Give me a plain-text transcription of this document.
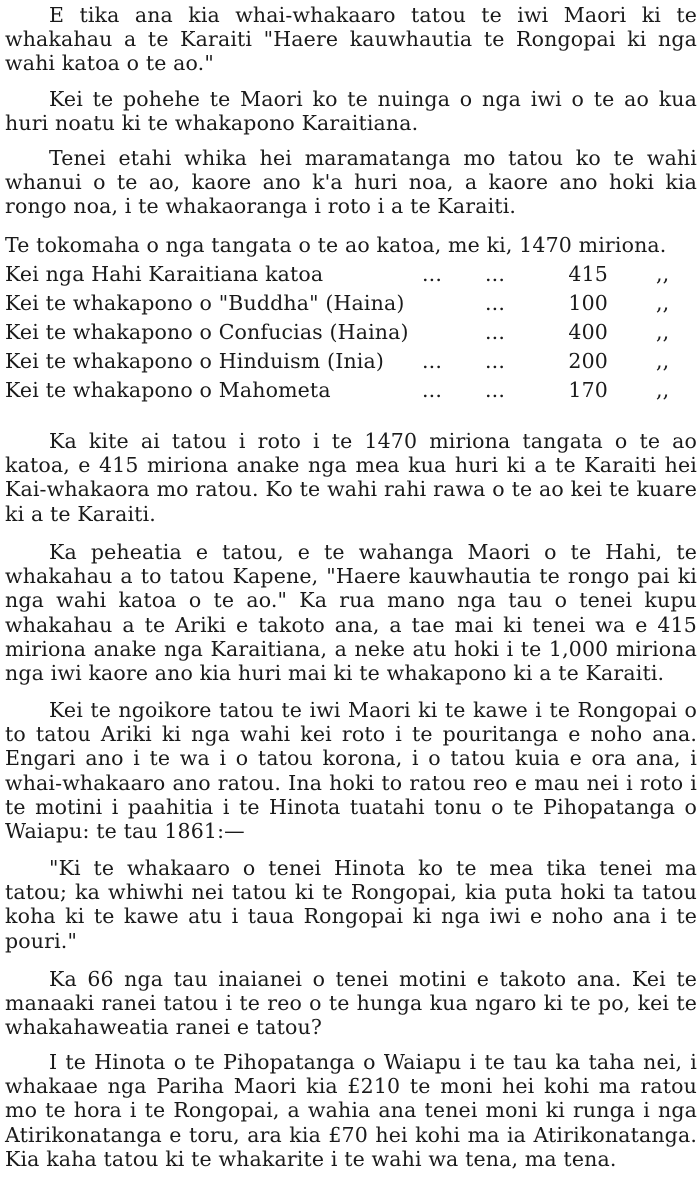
E tika ana kia whai-whakaaro tatou te iwi Maori ki te whakahau a te Karaiti "Haere kauwhautia te Rongopai ki nga wahi katoa o te ao."

Kei te pohehe te Maori ko te nuinga o nga iwi o te ao kua huri noatu ki te whakapono Karaitiana.

Tenei etahi whika hei maramatanga mo tatou ko te wahi whanui o te ao, kaore ano k'a huri noa, a kaore ano hoki kia rongo noa, i te whakaoranga i roto i a te Karaiti.

Te tokomaha o nga tangata o te ao katoa, me ki, 1470 miriona.

Kei nga Hahi Karaitiana katoa	... ...	415 ,,
Kei te whakapono o "Buddha" (Haina)	...	100 ,,
Kei te whakapono o Confucias (Haina)	...	400 ,,
Kei te whakapono o Hinduism (Inia) ... ...	200 ,,
Kei te whakapono o Mahometa	... ...	170 ,,

Ka kite ai tatou i roto i te 1470 miriona tangata o te ao katoa, e 415 miriona anake nga mea kua huri ki a te Karaiti hei Kai-whakaora mo ratou. Ko te wahi rahi rawa o te ao kei te kuare ki a te Karaiti.

Ka peheatia e tatou, e te wahanga Maori o te Hahi, te whakahau a to tatou Kapene, "Haere kauwhautia te rongo pai ki nga wahi katoa o te ao." Ka rua mano nga tau o tenei kupu whakahau a te Ariki e takoto ana, a tae mai ki tenei wa e 415 miriona anake nga Karaitiana, a neke atu hoki i te 1,000 miriona nga iwi kaore ano kia huri mai ki te whakapono ki a te Karaiti.

Kei te ngoikore tatou te iwi Maori ki te kawe i te Rongopai o to tatou Ariki ki nga wahi kei roto i te pouritanga e noho ana. Engari ano i te wa i o tatou korona, i o tatou kuia e ora ana, i whai-whakaaro ano ratou. Ina hoki to ratou reo e mau nei i roto i te motini i paahitia i te Hinota tuatahi tonu o te Pihopatanga o Waiapu: te tau 1861:—

"Ki te whakaaro o tenei Hinota ko te mea tika tenei ma tatou; ka whiwhi nei tatou ki te Rongopai, kia puta hoki ta tatou koha ki te kawe atu i taua Rongopai ki nga iwi e noho ana i te pouri."

Ka 66 nga tau inaianei o tenei motini e takoto ana. Kei te manaaki ranei tatou i te reo o te hunga kua ngaro ki te po, kei te whakahaweatia ranei e tatou?

I te Hinota o te Pihopatanga o Waiapu i te tau ka taha nei, i whakaae nga Pariha Maori kia £210 te moni hei kohi ma ratou mo te hora i te Rongopai, a wahia ana tenei moni ki runga i nga Atirikonatanga e toru, ara kia £70 hei kohi ma ia Atirikonatanga. Kia kaha tatou ki te whakarite i te wahi wa tena, ma tena.
